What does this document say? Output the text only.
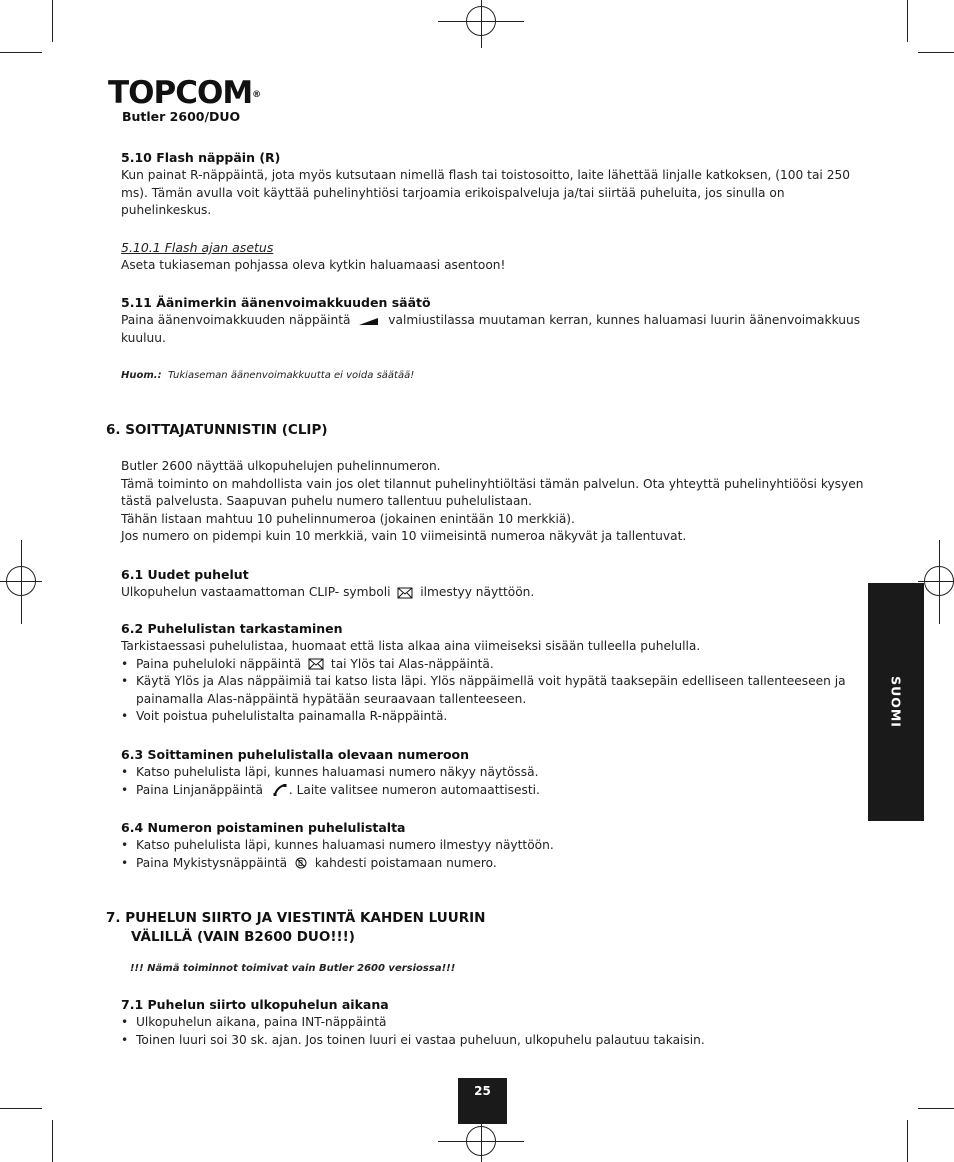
TOPCOM®
Butler 2600/DUO
5.10 Flash näppäin (R)
Kun painat R-näppäintä, jota myös kutsutaan nimellä flash tai toistosoitto, laite lähettää linjalle katkoksen, (100 tai 250
ms). Tämän avulla voit käyttää puhelinyhtiösi tarjoamia erikoispalveluja ja/tai siirtää puheluita, jos sinulla on
puhelinkeskus.
5.10.1 Flash ajan asetus
Aseta tukiaseman pohjassa oleva kytkin haluamaasi asentoon!
5.11 Äänimerkin äänenvoimakkuuden säätö
Paina äänenvoimakkuuden näppäintä	valmiustilassa muutaman kerran, kunnes haluamasi luurin äänenvoimakkuus
kuuluu.
Huom.: Tukiaseman äänenvoimakkuutta ei voida säätää!
6. SOITTAJATUNNISTIN (CLIP)
Butler 2600 näyttää ulkopuhelujen puhelinnumeron.
Tämä toiminto on mahdollista vain jos olet tilannut puhelinyhtiöltäsi tämän palvelun. Ota yhteyttä puhelinyhtiöösi kysyen
tästä palvelusta. Saapuvan puhelu numero tallentuu puhelulistaan.
Tähän listaan mahtuu 10 puhelinnumeroa (jokainen enintään 10 merkkiä).
Jos numero on pidempi kuin 10 merkkiä, vain 10 viimeisintä numeroa näkyvät ja tallentuvat.
6.1 Uudet puhelut
Ulkopuhelun vastaamattoman CLIP- symboli ilmestyy näyttöön.
6.2 Puhelulistan tarkastaminen
Tarkistaessasi puhelulistaa, huomaat että lista alkaa aina viimeiseksi sisään tulleella puhelulla.
• Paina puheluloki näppäintä tai Ylös tai Alas-näppäintä.
• Käytä Ylös ja Alas näppäimiä tai katso lista läpi. Ylös näppäimellä voit hypätä taaksepäin edelliseen tallenteeseen ja
painamalla Alas-näppäintä hypätään seuraavaan tallenteeseen.
• Voit poistua puhelulistalta painamalla R-näppäintä.
6.3 Soittaminen puhelulistalla olevaan numeroon
• Katso puhelulista läpi, kunnes haluamasi numero näkyy näytössä.
• Paina Linjanäppäintä . Laite valitsee numeron automaattisesti.
6.4 Numeron poistaminen puhelulistalta
• Katso puhelulista läpi, kunnes haluamasi numero ilmestyy näyttöön.
• Paina Mykistysnäppäintä kahdesti poistamaan numero.
7. PUHELUN SIIRTO JA VIESTINTÄ KAHDEN LUURIN
VÄLILLÄ (VAIN B2600 DUO!!!)
!!! Nämä toiminnot toimivat vain Butler 2600 versiossa!!!
7.1 Puhelun siirto ulkopuhelun aikana
• Ulkopuhelun aikana, paina INT-näppäintä
• Toinen luuri soi 30 sk. ajan. Jos toinen luuri ei vastaa puheluun, ulkopuhelu palautuu takaisin.
SUOMI
25
